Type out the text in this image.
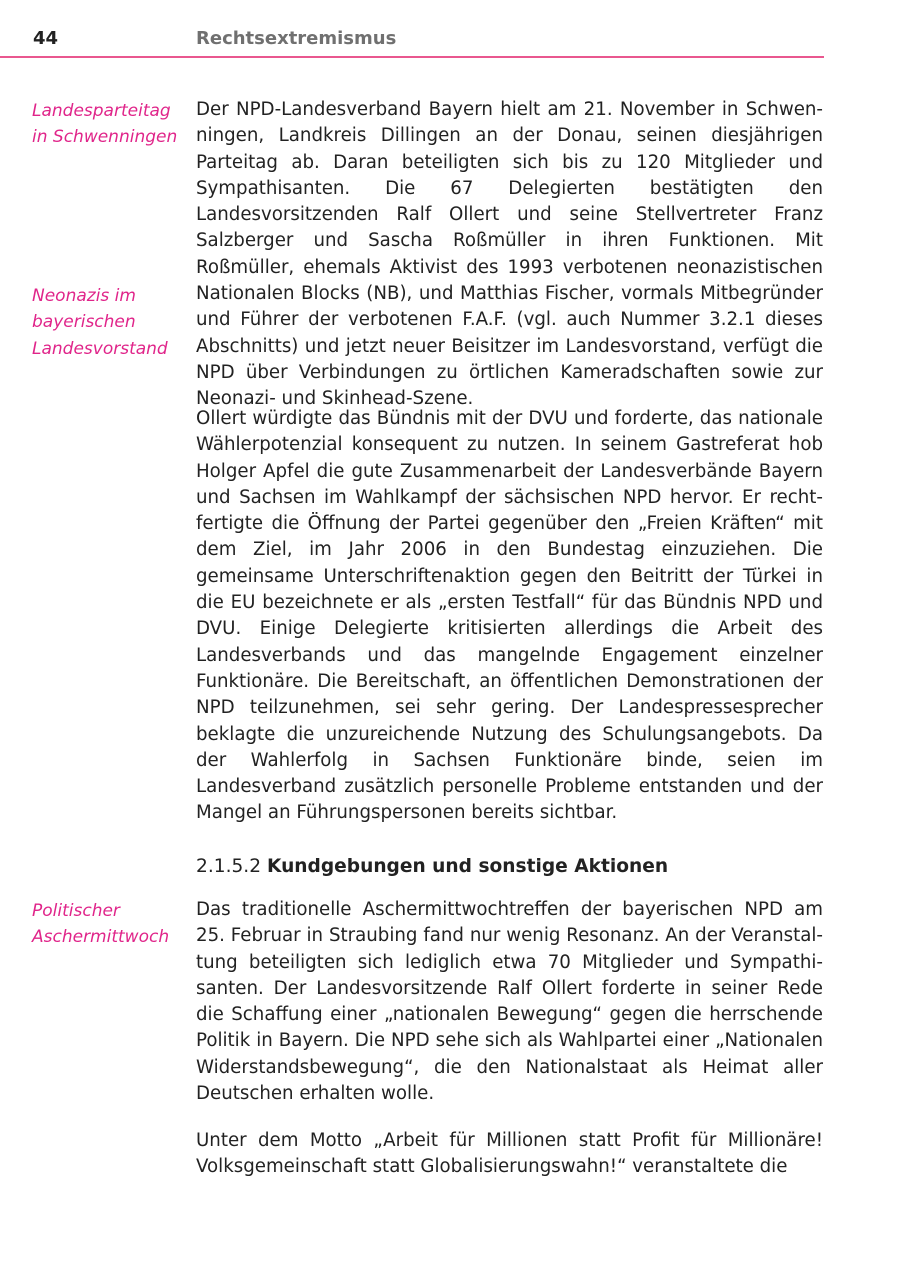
44	Rechtsextremismus
Landesparteitag
in Schwenningen
Neonazis im
bayerischen
Landesvorstand
Politischer
Aschermittwoch

Der NPD-Landesverband Bayern hielt am 21. November in Schwenningen, Landkreis Dillingen an der Donau, seinen diesjährigen Parteitag ab. Daran beteiligten sich bis zu 120 Mitglieder und Sympathisanten. Die 67 Delegierten bestätigten den Landesvorsitzenden Ralf Ollert und seine Stellvertreter Franz Salzberger und Sascha Roßmüller in ihren Funktionen. Mit Roßmüller, ehemals Aktivist des 1993 verbotenen neonazistischen Nationalen Blocks (NB), und Matthias Fischer, vormals Mitbegründer und Führer der verbotenen F.A.F. (vgl. auch Nummer 3.2.1 dieses Abschnitts) und jetzt neuer Beisitzer im Landesvorstand, verfügt die NPD über Verbindungen zu örtlichen Kameradschaften sowie zur Neonazi- und Skinhead-Szene.

Ollert würdigte das Bündnis mit der DVU und forderte, das nationale Wählerpotenzial konsequent zu nutzen. In seinem Gastreferat hob Holger Apfel die gute Zusammenarbeit der Landesverbände Bayern und Sachsen im Wahlkampf der sächsischen NPD hervor. Er rechtfertigte die Öffnung der Partei gegenüber den „Freien Kräften“ mit dem Ziel, im Jahr 2006 in den Bundestag einzuziehen. Die gemeinsame Unterschriftenaktion gegen den Beitritt der Türkei in die EU bezeichnete er als „ersten Testfall“ für das Bündnis NPD und DVU. Einige Delegierte kritisierten allerdings die Arbeit des Landesverbands und das mangelnde Engagement einzelner Funktionäre. Die Bereitschaft, an öffentlichen Demonstrationen der NPD teilzunehmen, sei sehr gering. Der Landespressesprecher beklagte die unzureichende Nutzung des Schulungsangebots. Da der Wahlerfolg in Sachsen Funktionäre binde, seien im Landesverband zusätzlich personelle Probleme entstanden und der Mangel an Führungspersonen bereits sichtbar.

2.1.5.2 Kundgebungen und sonstige Aktionen

Das traditionelle Aschermittwochtreffen der bayerischen NPD am 25. Februar in Straubing fand nur wenig Resonanz. An der Veranstaltung beteiligten sich lediglich etwa 70 Mitglieder und Sympathisanten. Der Landesvorsitzende Ralf Ollert forderte in seiner Rede die Schaffung einer „nationalen Bewegung“ gegen die herrschende Politik in Bayern. Die NPD sehe sich als Wahlpartei einer „Nationalen Widerstandsbewegung“, die den Nationalstaat als Heimat aller Deutschen erhalten wolle.

Unter dem Motto „Arbeit für Millionen statt Profit für Millionäre! Volksgemeinschaft statt Globalisierungswahn!“ veranstaltete die
